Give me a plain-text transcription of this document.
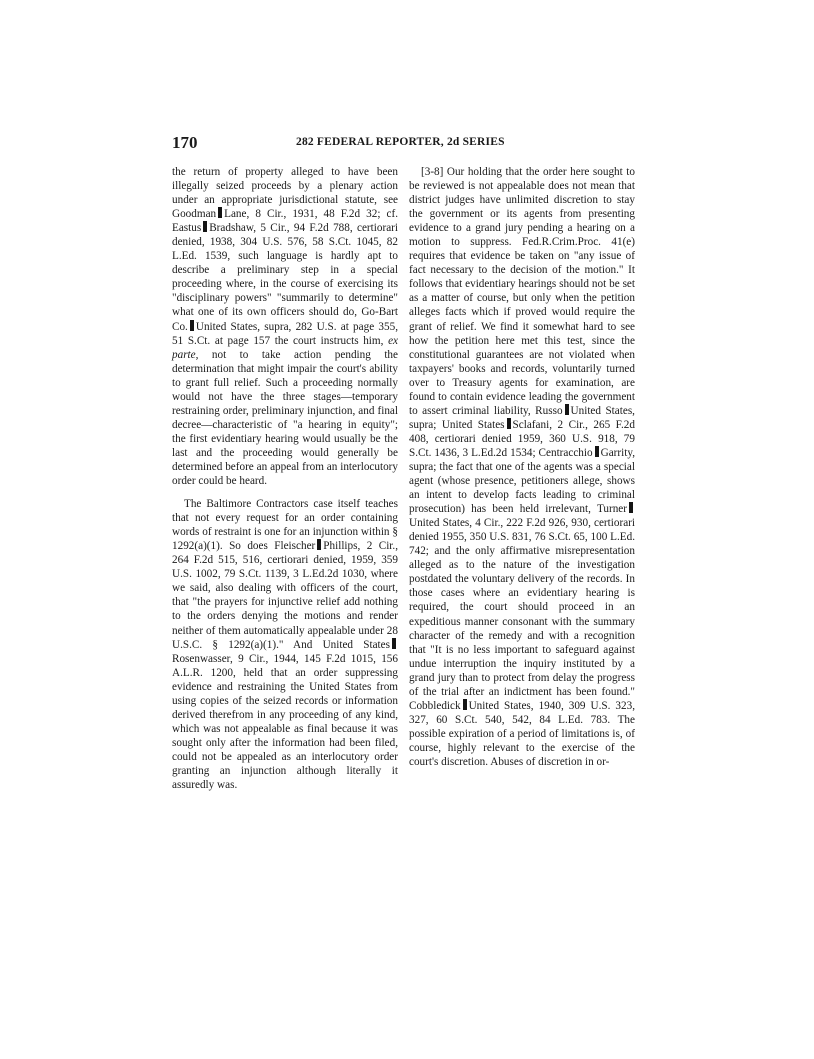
170	282 FEDERAL REPORTER, 2d SERIES

the return of property alleged to have been illegally seized proceeds by a plenary action under an appropriate jurisdictional statute, see Goodman Lane, 8 Cir., 1931, 48 F.2d 32; cf. Eastus Bradshaw, 5 Cir., 94 F.2d 788, certiorari denied, 1938, 304 U.S. 576, 58 S.Ct. 1045, 82 L.Ed. 1539, such language is hardly apt to describe a preliminary step in a special proceeding where, in the course of exercising its "disciplinary powers" "summarily to determine" what one of its own officers should do, Go-Bart Co. United States, supra, 282 U.S. at page 355, 51 S.Ct. at page 157 the court instructs him, ex parte, not to take action pending the determination that might impair the court's ability to grant full relief. Such a proceeding normally would not have the three stages—temporary restraining order, preliminary injunction, and final decree—characteristic of "a hearing in equity"; the first evidentiary hearing would usually be the last and the proceeding would generally be determined before an appeal from an interlocutory order could be heard.

The Baltimore Contractors case itself teaches that not every request for an order containing words of restraint is one for an injunction within § 1292(a)(1). So does Fleischer Phillips, 2 Cir., 264 F.2d 515, 516, certiorari denied, 1959, 359 U.S. 1002, 79 S.Ct. 1139, 3 L.Ed.2d 1030, where we said, also dealing with officers of the court, that "the prayers for injunctive relief add nothing to the orders denying the motions and render neither of them automatically appealable under 28 U.S.C. § 1292(a)(1)." And United StatesRosenwasser, 9 Cir., 1944, 145 F.2d 1015, 156 A.L.R. 1200, held that an order suppressing evidence and restraining the United States from using copies of the seized records or information derived therefrom in any proceeding of any kind, which was not appealable as final because it was sought only after the information had been filed, could not be appealed as an interlocutory order granting an injunction although literally it assuredly was.

[3-8] Our holding that the order here sought to be reviewed is not appealable does not mean that district judges have unlimited discretion to stay the government or its agents from presenting evidence to a grand jury pending a hearing on a motion to suppress. Fed.R.Crim.Proc. 41(e) requires that evidence be taken on "any issue of fact necessary to the decision of the motion." It follows that evidentiary hearings should not be set as a matter of course, but only when the petition alleges facts which if proved would require the grant of relief. We find it somewhat hard to see how the petition here met this test, since the constitutional guarantees are not violated when taxpayers' books and records, voluntarily turned over to Treasury agents for examination, are found to contain evidence leading the government to assert criminal liability, Russo United States, supra; United States Sclafani, 2 Cir., 265 F.2d 408, certiorari denied 1959, 360 U.S. 918, 79 S.Ct. 1436, 3 L.Ed.2d 1534; Centracchio Garrity, supra; the fact that one of the agents was a special agent (whose presence, petitioners allege, shows an intent to develop facts leading to criminal prosecution) has been held irrelevant, TurnerUnited States, 4 Cir., 222 F.2d 926, 930, certiorari denied 1955, 350 U.S. 831, 76 S.Ct. 65, 100 L.Ed. 742; and the only affirmative misrepresentation alleged as to the nature of the investigation postdated the voluntary delivery of the records. In those cases where an evidentiary hearing is required, the court should proceed in an expeditious manner consonant with the summary character of the remedy and with a recognition that "It is no less important to safeguard against undue interruption the inquiry instituted by a grand jury than to protect from delay the progress of the trial after an indictment has been found." Cobbledick United States, 1940, 309 U.S. 323, 327, 60 S.Ct. 540, 542, 84 L.Ed. 783. The possible expiration of a period of limitations is, of course, highly relevant to the exercise of the court's discretion. Abuses of discretion in or-
